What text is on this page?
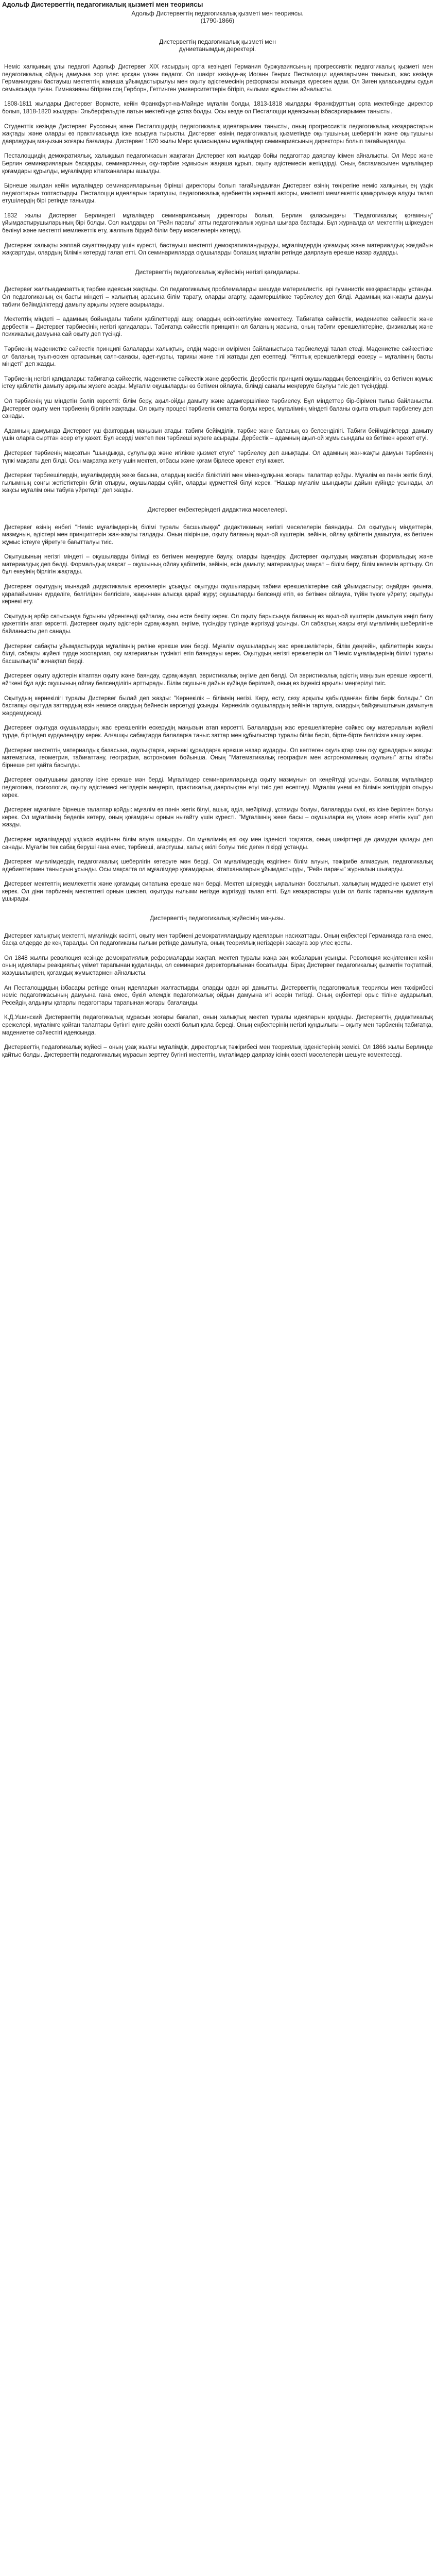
Адольф Дистервегтің педагогикалық қызметі мен теориясы
Адольф Дистервегтің педагогикалық қызметі мен теориясы.
(1790-1866)
Дистервегтің педагогикалық қызметі мен
дүниетанымдық деректері.

Неміс халқының ұлы педагогі Адольф Дистервег XIX ғасырдың орта кезіндегі Германия буржуазиясының прогрессивтік педагогикалық қызметі мен педагогикалық ойдың дамуына зор үлес қосқан үлкен педагог. Ол шәкірт кезінде-ақ Иоганн Генрих Песталоцци идеяларымен танысып, жас кезінде Германиядағы бастауыш мектептің жаңаша ұйымдастырылуы мен оқыту әдістемесінің реформасы жолында күрескен адам. Ол Зиген қаласындағы судья семьясында туған. Гимназияны бітірген соң Герборн, Геттинген университеттерін бітіріп, ғылыми жұмыспен айналысты.

1808-1811 жылдары Дистервег Вормсте, кейін Франкфурт-на-Майнде мұғалім болды, 1813-1818 жылдары Франкфурттың орта мектебінде директор болып, 1818-1820 жылдары Эльберфельдте латын мектебінде ұстаз болды. Осы кезде ол Песталоцци идеясының ізбасарларымен танысты.

Студенттік кезінде Дистервег Руссоның және Песталоццидің педагогикалық идеяларымен танысты, оның прогрессивтік педагогикалық көзқарастарын жақтады және оларды өз практикасында іске асыруға тырысты. Дистервег өзінің педагогикалық қызметінде оқытушының шеберлігін және оқытушыны даярлаудың маңызын жоғары бағалады. Дистервег 1820 жылы Мерс қаласындағы мұғалімдер семинариясының директоры болып тағайындалды.

Песталоццидің демократиялық, халықшыл педагогикасын жақтаған Дистервег көп жылдар бойы педагогтар даярлау ісімен айналысты. Ол Мерс және Берлин семинарияларын басқарды, семинарияның оқу-тәрбие жұмысын жаңаша құрып, оқыту әдістемесін жетілдірді. Оның бастамасымен мұғалімдер қоғамдары құрылды, мұғалімдер кітапханалары ашылды.

Бірнеше жылдан кейін мұғалімдер семинарияларының бірінші директоры болып тағайындалған Дистервег өзінің төңірегіне неміс халқының ең үздік педагогтарын топтастырды. Песталоцци идеяларын таратушы, педагогикалық әдебиеттің көрнекті авторы, мектепті мемлекеттік қамқорлыққа алуды талап етушілердің бірі ретінде танылды.

1832 жылы Дистервег Берлиндегі мұғалімдер семинариясының директоры болып, Берлин қаласындағы "Педагогикалық қоғамның" ұйымдастырушыларының бірі болды. Сол жылдары ол "Рейн парағы" атты педагогикалық журнал шығара бастады. Бұл журналда ол мектептің шіркеуден бөлінуі және мектепті мемлекеттік ету, жалпыға бірдей білім беру мәселелерін көтерді.

Дистервег халықты жаппай сауаттандыру үшін күресті, бастауыш мектепті демократияландыруды, мұғалімдердің қоғамдық және материалдық жағдайын жақсартуды, олардың білімін көтеруді талап етті. Ол семинарияларда оқушыларды болашақ мұғалім ретінде даярлауға ерекше назар аударды.

Дистервегтің педагогикалық жүйесінің негізгі қағидалары.

Дистервег жалпыадамзаттық тәрбие идеясын жақтады. Ол педагогикалық проблемаларды шешуде материалистік, әрі гуманистік көзқарастарды ұстанды. Ол педагогиканың ең басты міндеті – халықтың арасына білім тарату, оларды ағарту, адамгершілікке тәрбиелеу деп білді. Адамның жан-жақты дамуы табиғи бейімділіктерді дамыту арқылы жүзеге асырылады.

Мектептің міндеті – адамның бойындағы табиғи қабілеттерді ашу, олардың өсіп-жетілуіне көмектесу. Табиғатқа сәйкестік, мәдениетке сәйкестік және дербестік – Дистервег тәрбиесінің негізгі қағидалары. Табиғатқа сәйкестік принципін ол баланың жасына, оның табиғи ерекшеліктеріне, физикалық және психикалық дамуына сай оқыту деп түсінді.

Тәрбиенің мәдениетке сәйкестік принципі балаларды халықтың, елдің мәдени өмірімен байланыстыра тәрбиелеуді талап етеді. Мәдениетке сәйкестікке ол баланың туып-өскен ортасының салт-санасы, әдет-ғұрпы, тарихы және тілі жатады деп есептеді. "Ұлттық ерекшеліктерді ескеру – мұғалімнің басты міндеті" деп жазды.

Тәрбиенің негізгі қағидалары: табиғатқа сәйкестік, мәдениетке сәйкестік және дербестік. Дербестік принципі оқушылардың белсенділігін, өз бетімен жұмыс істеу қабілетін дамыту арқылы жүзеге асады. Мұғалім оқушыларды өз бетімен ойлауға, білімді саналы меңгеруге баулуы тиіс деп түсіндірді.

Ол тәрбиенің үш міндетін бөліп көрсетті: білім беру, ақыл-ойды дамыту және адамгершілікке тәрбиелеу. Бұл міндеттер бір-бірімен тығыз байланысты. Дистервег оқыту мен тәрбиенің бірлігін жақтады. Ол оқыту процесі тәрбиелік сипатта болуы керек, мұғалімнің міндеті баланы оқыта отырып тәрбиелеу деп санады.

Адамның дамуында Дистервег үш фактордың маңызын атады: табиғи бейімділік, тәрбие және баланың өз белсенділігі. Табиғи бейімділіктерді дамыту үшін оларға сырттан әсер ету қажет. Бұл әсерді мектеп пен тәрбиеші жүзеге асырады. Дербестік – адамның ақыл-ой жұмысындағы өз бетімен әрекет етуі.

Дистервег тәрбиенің мақсатын "шындыққа, сұлулыққа және игілікке қызмет етуге" тәрбиелеу деп анықтады. Ол адамның жан-жақты дамуын тәрбиенің түпкі мақсаты деп білді. Осы мақсатқа жету үшін мектеп, отбасы және қоғам бірлесе әрекет етуі қажет.

Дистервег тәрбиешілердің, мұғалімдердің жеке басына, олардың кәсіби біліктілігі мен мінез-құлқына жоғары талаптар қойды. Мұғалім өз пәнін жетік білуі, ғылымның соңғы жетістіктерін біліп отыруы, оқушыларды сүйіп, оларды құрметтей білуі керек. "Нашар мұғалім шындықты дайын күйінде ұсынады, ал жақсы мұғалім оны табуға үйретеді" деп жазды.

Дистервег еңбектеріндегі дидактика мәселелері.

Дистервег өзінің еңбегі "Неміс мұғалімдерінің білімі туралы басшылыққа" дидактиканың негізгі мәселелерін баяндады. Ол оқытудың міндеттерін, мазмұнын, әдістері мен принциптерін жан-жақты талдады. Оның пікірінше, оқыту баланың ақыл-ой күштерін, зейінін, ойлау қабілетін дамытуға, өз бетімен жұмыс істеуге үйретуге бағытталуы тиіс.

Оқытушының негізгі міндеті – оқушыларды білімді өз бетімен меңгеруге баулу, оларды іздендіру. Дистервег оқытудың мақсатын формальдық және материалдық деп бөлді. Формальдық мақсат – оқушының ойлау қабілетін, зейінін, есін дамыту; материалдық мақсат – білім беру, білім көлемін арттыру. Ол бұл екеуінің бірлігін жақтады.

Дистервег оқытудың мынадай дидактикалық ережелерін ұсынды: оқытуды оқушылардың табиғи ерекшеліктеріне сай ұйымдастыру; оңайдан қиынға, қарапайымнан күрделіге, белгіліден белгісізге, жақыннан алысқа қарай жүру; оқушыларды белсенді етіп, өз бетімен ойлауға, түйін түюге үйрету; оқытуды көрнекі ету.

Оқытудың әрбір сатысында бұрынғы үйренгенді қайталау, оны есте бекіту керек. Ол оқыту барысында баланың өз ақыл-ой күштерін дамытуға көңіл бөлу қажеттігін атап көрсетті. Дистервег оқыту әдістерін сұрақ-жауап, әңгіме, түсіндіру түрінде жүргізуді ұсынды. Ол сабақтың жақсы өтуі мұғалімнің шеберлігіне байланысты деп санады.

Дистервег сабақты ұйымдастыруда мұғалімнің рөліне ерекше мән берді. Мұғалім оқушылардың жас ерекшеліктерін, білім деңгейін, қабілеттерін жақсы білуі, сабақты жүйелі түрде жоспарлап, оқу материалын түсінікті етіп баяндауы керек. Оқытудың негізгі ережелерін ол "Неміс мұғалімдерінің білімі туралы басшылықта" жинақтап берді.

Дистервег оқыту әдістерін кітаптан оқыту және баяндау, сұрақ-жауап, эвристикалық әңгіме деп бөлді. Ол эвристикалық әдістің маңызын ерекше көрсетті, өйткені бұл әдіс оқушының ойлау белсенділігін арттырады. Білім оқушыға дайын күйінде берілмей, оның өз ізденісі арқылы меңгерілуі тиіс.

Оқытудың көрнекілігі туралы Дистервег былай деп жазды: "Көрнекілік – білімнің негізі. Көру, есту, сезу арқылы қабылданған білім берік болады." Ол бастапқы оқытуда заттардың өзін немесе олардың бейнесін көрсетуді ұсынды. Көрнекілік оқушылардың зейінін тартуға, олардың байқағыштығын дамытуға жәрдемдеседі.

Дистервег оқытуда оқушылардың жас ерекшелігін ескерудің маңызын атап көрсетті. Балалардың жас ерекшеліктеріне сәйкес оқу материалын жүйелі түрде, біртіндеп күрделендіру керек. Алғашқы сабақтарда балаларға таныс заттар мен құбылыстар туралы білім беріп, бірте-бірте белгісізге көшу керек.

Дистервег мектептің материалдық базасына, оқулықтарға, көрнекі құралдарға ерекше назар аударды. Ол көптеген оқулықтар мен оқу құралдарын жазды: математика, геометрия, табиғаттану, география, астрономия бойынша. Оның "Математикалық география мен астрономияның оқулығы" атты кітабы бірнеше рет қайта басылды.

Дистервег оқытушыны даярлау ісіне ерекше мән берді. Мұғалімдер семинарияларында оқыту мазмұнын ол кеңейтуді ұсынды. Болашақ мұғалімдер педагогика, психология, оқыту әдістемесі негіздерін меңгеріп, практикалық даярлықтан өтуі тиіс деп есептеді. Мұғалім үнемі өз білімін жетілдіріп отыруы керек.

Дистервег мұғалімге бірнеше талаптар қойды: мұғалім өз пәнін жетік білуі, ашық, әділ, мейірімді, ұстамды болуы, балаларды сүюі, өз ісіне берілген болуы керек. Ол мұғалімнің беделін көтеру, оның қоғамдағы орнын нығайту үшін күресті. "Мұғалімнің жеке басы – оқушыларға ең үлкен әсер ететін күш" деп жазды.

Дистервег мұғалімдерді үздіксіз өздігінен білім алуға шақырды. Ол мұғалімнің өзі оқу мен ізденісті тоқтатса, оның шәкірттері де дамудан қалады деп санады. Мұғалім тек сабақ беруші ғана емес, тәрбиеші, ағартушы, халық өкілі болуы тиіс деген пікірді ұстанды.

Дистервег мұғалімдердің педагогикалық шеберлігін көтеруге мән берді. Ол мұғалімдердің өздігінен білім алуын, тәжірибе алмасуын, педагогикалық әдебиеттермен танысуын ұсынды. Осы мақсатта ол мұғалімдер қоғамдарын, кітапханаларын ұйымдастырды, "Рейн парағы" журналын шығарды.

Дистервег мектептің мемлекеттік және қоғамдық сипатына ерекше мән берді. Мектеп шіркеудің ықпалынан босатылып, халықтың мүддесіне қызмет етуі керек. Ол діни тәрбиенің мектептегі орнын шектеп, оқытуды ғылыми негізде жүргізуді талап етті. Бұл көзқарастары үшін ол билік тарапынан қудалауға ұшырады.

Дистервегтің педагогикалық жүйесінің маңызы.

Дистервег халықтық мектепті, мұғалімдік кәсіпті, оқыту мен тәрбиені демократияландыру идеяларын насихаттады. Оның еңбектері Германияда ғана емес, басқа елдерде де кең таралды. Ол педагогиканы ғылым ретінде дамытуға, оның теориялық негіздерін жасауға зор үлес қосты.

Ол 1848 жылғы революция кезінде демократиялық реформаларды жақтап, мектеп туралы жаңа заң жобаларын ұсынды. Революция жеңілгеннен кейін оның идеялары реакциялық үкімет тарапынан қудаланды, ол семинария директорлығынан босатылды. Бірақ Дистервег педагогикалық қызметін тоқтатпай, жазушылықпен, қоғамдық жұмыстармен айналысты.

Ан Песталоццидың ізбасары ретінде оның идеяларын жалғастырды, оларды одан әрі дамытты. Дистервегтің педагогикалық теориясы мен тәжірибесі неміс педагогикасының дамуына ғана емес, бүкіл әлемдік педагогикалық ойдың дамуына игі әсерін тигізді. Оның еңбектері орыс тіліне аударылып, Ресейдің алдыңғы қатарлы педагогтары тарапынан жоғары бағаланды.

К.Д.Ушинский Дистервегтің педагогикалық мұрасын жоғары бағалап, оның халықтық мектеп туралы идеяларын қолдады. Дистервегтің дидактикалық ережелері, мұғалімге қойған талаптары бүгінгі күнге дейін өзекті болып қала береді. Оның еңбектерінің негізгі құндылығы – оқыту мен тәрбиенің табиғатқа, мәдениетке сәйкестігі идеясында.

Дистервегтің педагогикалық жүйесі – оның ұзақ жылғы мұғалімдік, директорлық тәжірибесі мен теориялық ізденістерінің жемісі. Ол 1866 жылы Берлинде қайтыс болды. Дистервегтің педагогикалық мұрасын зерттеу бүгінгі мектептің, мұғалімдер даярлау ісінің өзекті мәселелерін шешуге көмектеседі.
